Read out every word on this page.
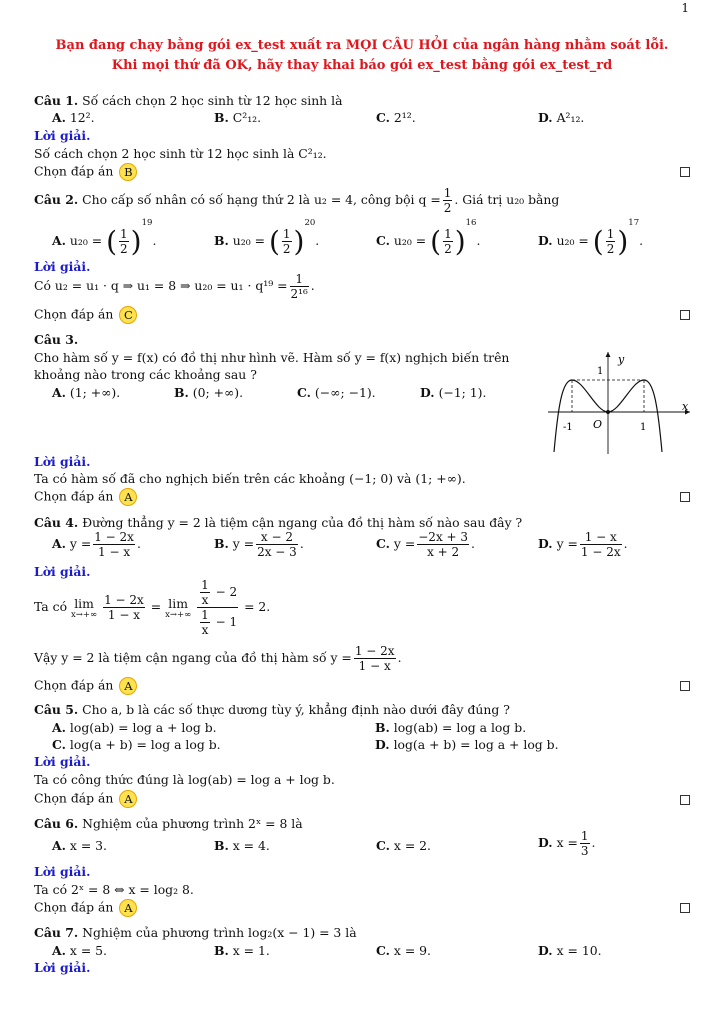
1
Bạn đang chạy bằng gói ex_test xuất ra MỌI CÂU HỎI của ngân hàng nhằm soát lỗi.
Khi mọi thứ đã OK, hãy thay khai báo gói ex_test bằng gói ex_test_rd
Câu 1. Số cách chọn 2 học sinh từ 12 học sinh là
A. 12².	B. C²₁₂.	C. 2¹².	D. A²₁₂.
Lời giải.
Số cách chọn 2 học sinh từ 12 học sinh là C²₁₂.
Chọn đáp án B
Câu 2. Cho cấp số nhân có số hạng thứ 2 là u₂ = 4, công bội $q = \frac{1}{2}$ . Giá trị u₂₀ bằng
A. u₂₀ = ( $\frac{1}{2} )^{19}$.	B. u₂₀ = ( $\frac{1}{2} )^{20}$.	C. u₂₀ = ( $\frac{1}{2} )^{16}$.	D. u₂₀ = ( $\frac{1}{2} )^{17}$.
Lời giải.
Có u₂ = u₁ · q ⇒ u₁ = 8 ⇒ $u_{20} = u_1 \cdot q^{19} = \frac{1}{\text{2¹⁶}}$ .
Chọn đáp án C
Câu 3.
Cho hàm số y = f(x) có đồ thị như hình vẽ. Hàm số y = f(x) nghịch biến trên
khoảng nào trong các khoảng sau ?
A. (1; +∞).	B. (0; +∞).	C. (−∞; −1).	D. (−1; 1).
y
x
1
-1 O	1
Lời giải.
Ta có hàm số đã cho nghịch biến trên các khoảng (−1; 0) và (1; +∞).
Chọn đáp án A
Câu 4. Đường thẳng y = 2 là tiệm cận ngang của đồ thị hàm số nào sau đây ?
A. $y = \frac{1 - 2x}{1 - x}$ .	B. $y = \frac{x - 2}{2x - 3}$ .	C. $y = \frac{-2x + 3}{x + 2}$ .	D. $y = \frac{1 - x}{1 - 2x}$ .
Lời giải.
Ta có lim
x→+∞
$\frac{1 - 2x}{1 - x} = \lim$
x→+∞
$\frac{\frac{1}{x} - 2}{\frac{1}{x} - 1} = 2$.
Vậy y = 2 là tiệm cận ngang của đồ thị hàm số $y = \frac{1 - 2x}{1 - x}$ .
Chọn đáp án A
Câu 5. Cho a, b là các số thực dương tùy ý, khẳng định nào dưới đây đúng ?
A. log(ab) = log a + log b.	B. log(ab) = log a log b.
C. log(a + b) = log a log b.	D. log(a + b) = log a + log b.
Lời giải.
Ta có công thức đúng là log(ab) = log a + log b.
Chọn đáp án A
Câu 6. Nghiệm của phương trình 2ˣ = 8 là
A. x = 3.	B. x = 4.	C. x = 2.	D. $x = \frac{1}{3}$ .
Lời giải.
Ta có 2ˣ = 8 ⇔ x = log₂ 8.
Chọn đáp án A
Câu 7. Nghiệm của phương trình log₂(x − 1) = 3 là
A. x = 5.	B. x = 1.	C. x = 9.	D. x = 10.
Lời giải.
